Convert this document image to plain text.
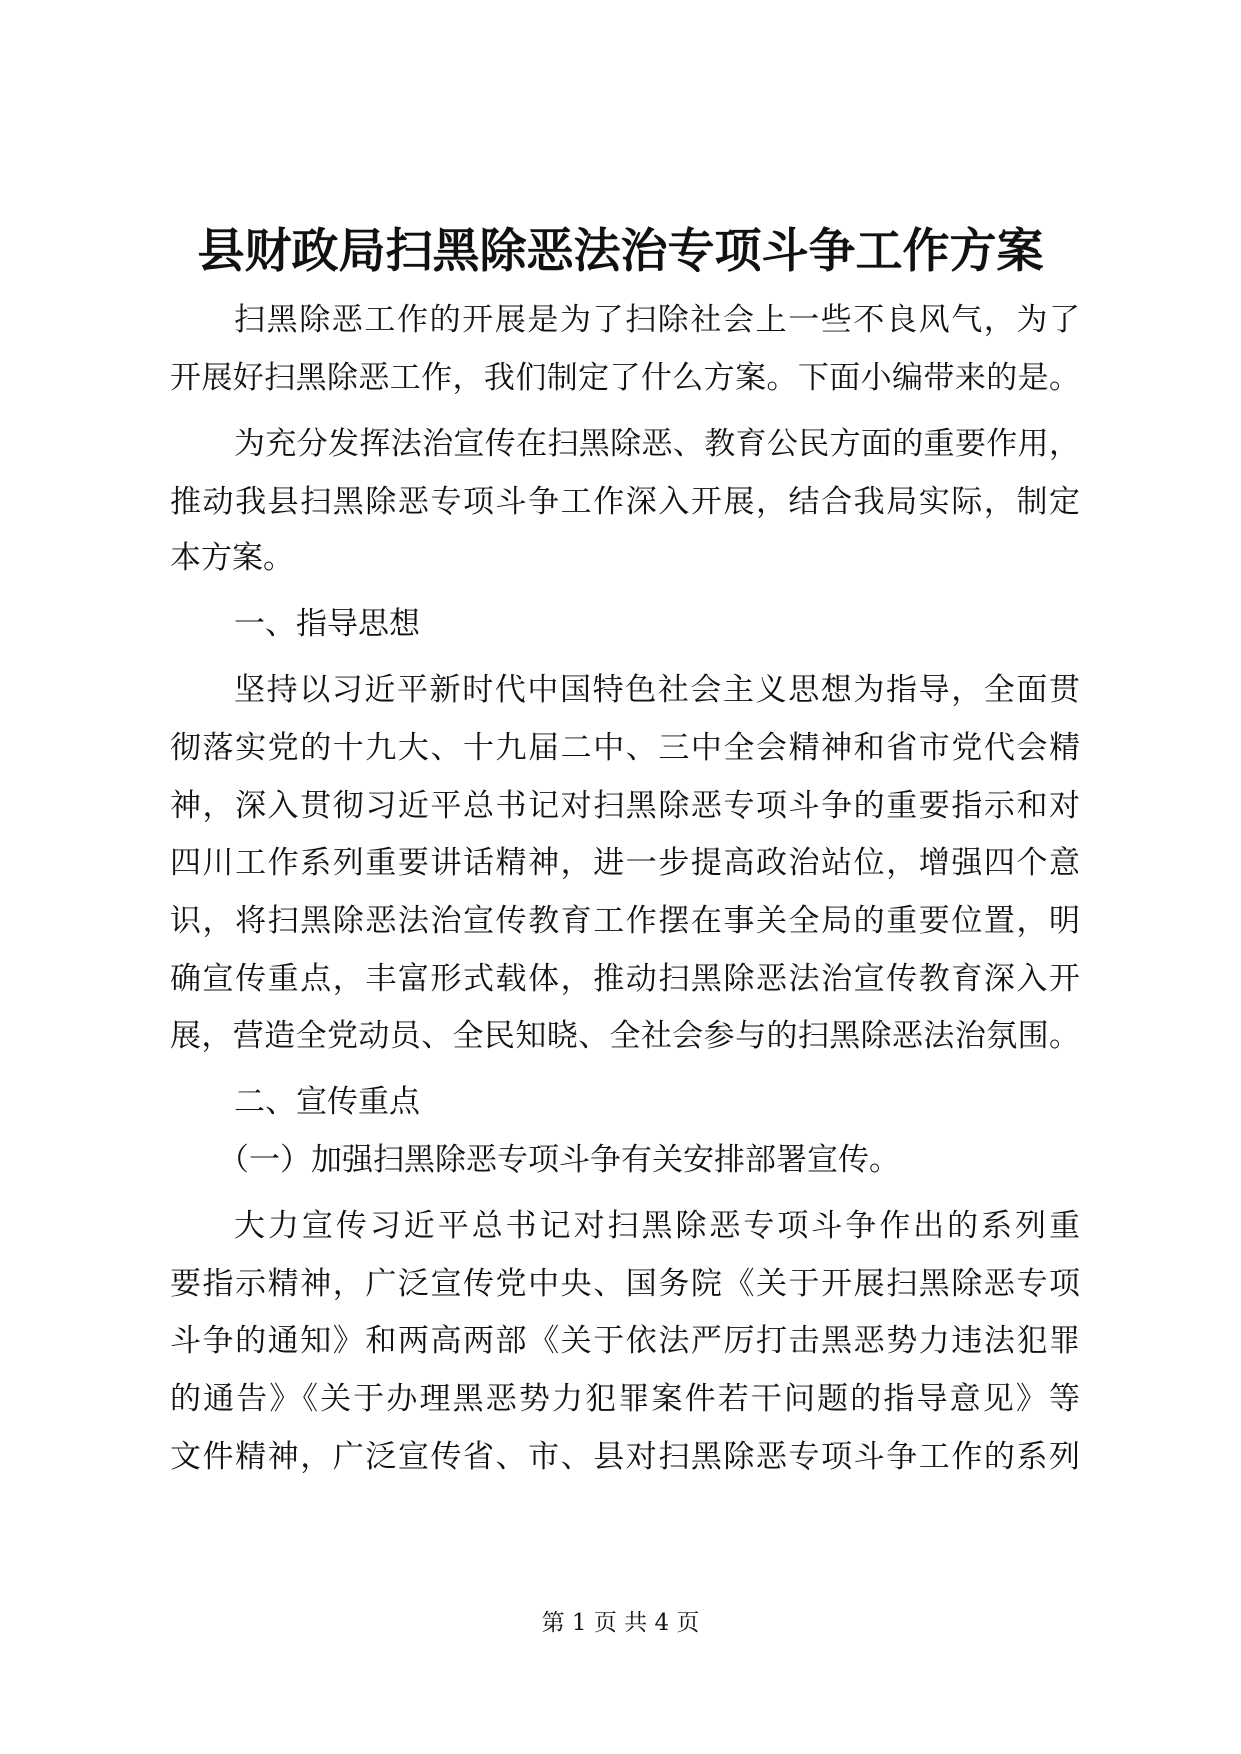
县财政局扫黑除恶法治专项斗争工作方案
扫黑除恶工作的开展是为了扫除社会上一些不良风气，为了
开展好扫黑除恶工作，我们制定了什么方案。下面小编带来的是。
为充分发挥法治宣传在扫黑除恶、教育公民方面的重要作用，
推动我县扫黑除恶专项斗争工作深入开展，结合我局实际，制定
本方案。
一、指导思想
坚持以习近平新时代中国特色社会主义思想为指导，全面贯
彻落实党的十九大、十九届二中、三中全会精神和省市党代会精
神，深入贯彻习近平总书记对扫黑除恶专项斗争的重要指示和对
四川工作系列重要讲话精神，进一步提高政治站位，增强四个意
识，将扫黑除恶法治宣传教育工作摆在事关全局的重要位置，明
确宣传重点，丰富形式载体，推动扫黑除恶法治宣传教育深入开
展，营造全党动员、全民知晓、全社会参与的扫黑除恶法治氛围。
二、宣传重点
（一）加强扫黑除恶专项斗争有关安排部署宣传。
大力宣传习近平总书记对扫黑除恶专项斗争作出的系列重
要指示精神，广泛宣传党中央、国务院《关于开展扫黑除恶专项
斗争的通知》和两高两部《关于依法严厉打击黑恶势力违法犯罪
的通告》《关于办理黑恶势力犯罪案件若干问题的指导意见》等
文件精神，广泛宣传省、市、县对扫黑除恶专项斗争工作的系列
第 1 页 共 4 页
